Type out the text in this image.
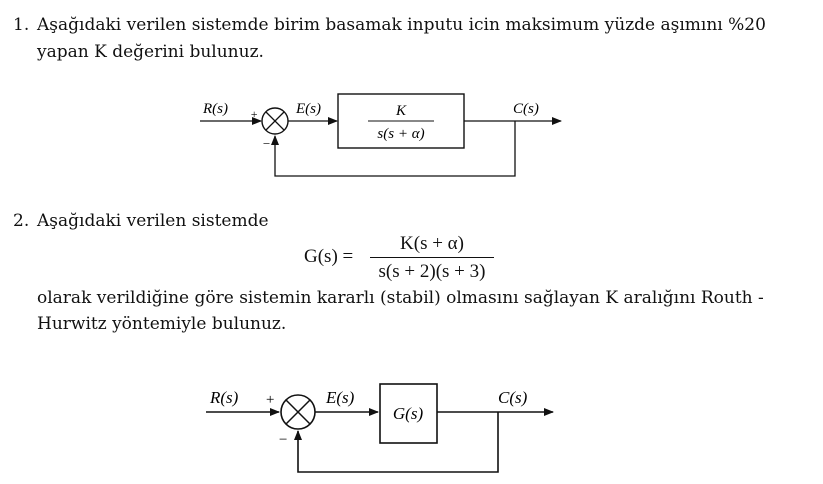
1. Aşağıdaki verilen sistemde birim basamak inputu icin maksimum yüzde aşımını %20
yapan K değerini bulunuz.
K
s(s + α)
R(s) +
−
E(s)	C(s)
G(s)
R(s) +
−
E(s)	C(s)
2. Aşağıdaki verilen sistemde
G(s) =
K(s + α)
s(s + 2)(s + 3)
olarak verildiğine göre sistemin kararlı (stabil) olmasını sağlayan K aralığını Routh -
Hurwitz yöntemiyle bulunuz.
